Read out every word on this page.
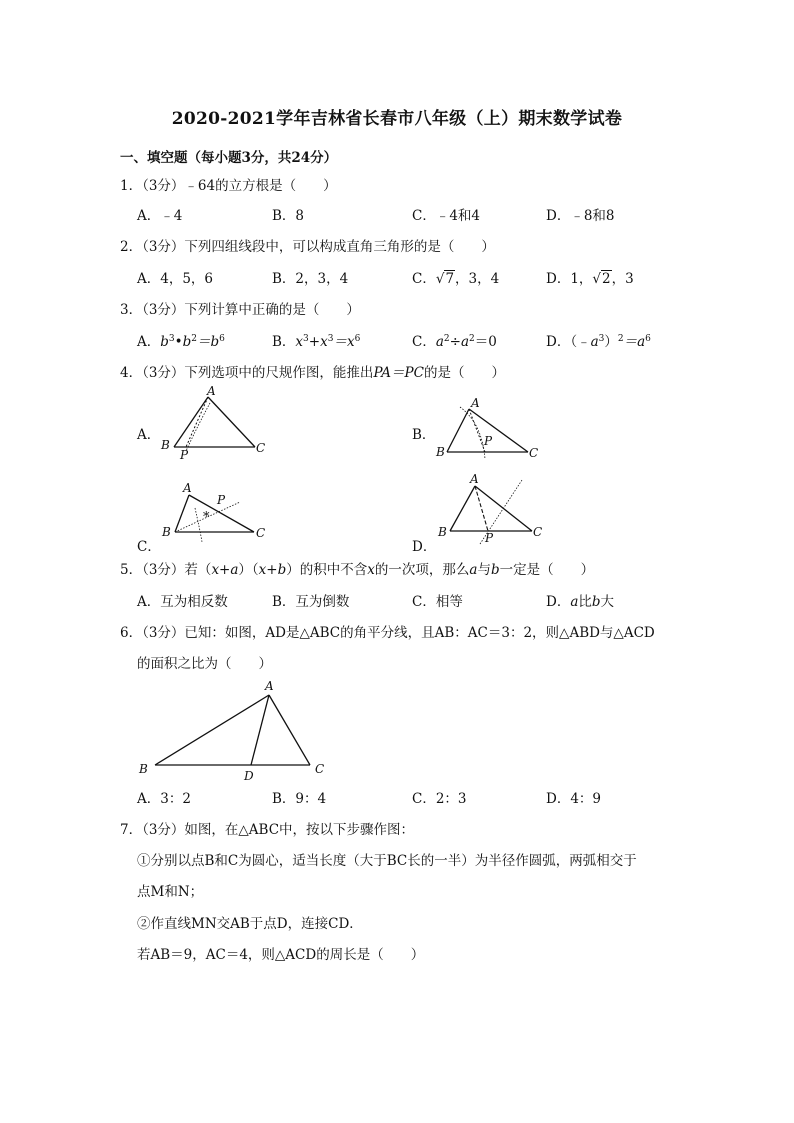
2020-2021学年吉林省长春市八年级（上）期末数学试卷
一、填空题（每小题3分，共24分）
1．（3分）﹣64的立方根是（　　）
A．﹣4	B．8	C．﹣4和4	D．﹣8和8
2．（3分）下列四组线段中，可以构成直角三角形的是（　　）
A．4，5，6	B．2，3，4	C．√7，3，4	D．1，√2，3
3．（3分）下列计算中正确的是（　　）
A．$b^3•b^2=b^6$	B．$x^3+x^3=x^6$	C．$a^2\div a^2=0$	D．$(﹣a^3)^2=a^6$
4．（3分）下列选项中的尺规作图，能推出PA＝PC的是（　　）
A．
A
B
P	C
B．
A
B
P
C
C．
*
A
B
P
C
D．
A
B	P	C
5．（3分）若（x+a）（x+b）的积中不含x的一次项，那么a与b一定是（　　）
A．互为相反数	B．互为倒数	C．相等	D．a比b大
6．（3分）已知：如图，AD是△ABC的角平分线，且AB：AC＝3：2，则△ABD与△ACD
的面积之比为（　　）
A
B	D	C
A．3：2	B．9：4	C．2：3	D．4：9
7．（3分）如图，在△ABC中，按以下步骤作图：
①分别以点B和C为圆心，适当长度（大于BC长的一半）为半径作圆弧，两弧相交于
点M和N；
②作直线MN交AB于点D，连接CD．
若AB＝9，AC＝4，则△ACD的周长是（　　）
